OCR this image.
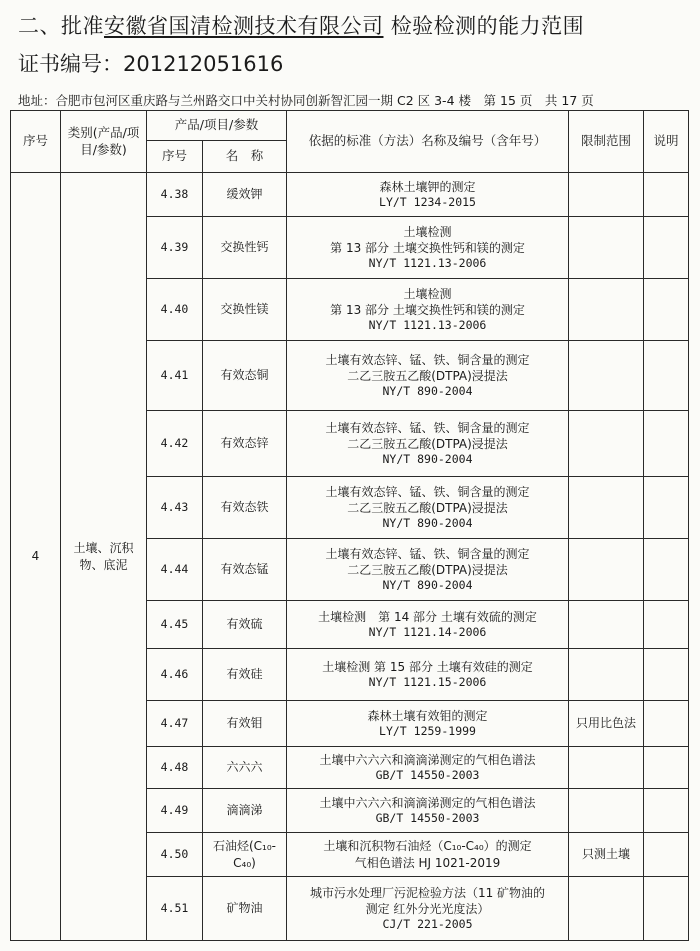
二、批准安徽省国清检测技术有限公司 检验检测的能力范围
证书编号：201212051616
地址：合肥市包河区重庆路与兰州路交口中关村协同创新智汇园一期 C2 区 3-4 楼　 第 15 页　 共 17 页
序号	类别(产品/项目/参数)	产品/项目/参数		依据的标准（方法）名称及编号（含年号）	限制范围	说明
		序号	名　称			
4	土壤、沉积物、底泥	4.38	缓效钾	森林土壤钾的测定
LY/T 1234-2015		

		4.39	交换性钙	土壤检测
第 13 部分 土壤交换性钙和镁的测定
NY/T 1121.13-2006		

		4.40	交换性镁	土壤检测
第 13 部分 土壤交换性钙和镁的测定
NY/T 1121.13-2006		

		4.41	有效态铜	土壤有效态锌、锰、铁、铜含量的测定
二乙三胺五乙酸(DTPA)浸提法
NY/T 890-2004		

		4.42	有效态锌	土壤有效态锌、锰、铁、铜含量的测定
二乙三胺五乙酸(DTPA)浸提法
NY/T 890-2004		

		4.43	有效态铁	土壤有效态锌、锰、铁、铜含量的测定
二乙三胺五乙酸(DTPA)浸提法
NY/T 890-2004		

		4.44	有效态锰	土壤有效态锌、锰、铁、铜含量的测定
二乙三胺五乙酸(DTPA)浸提法
NY/T 890-2004		

		4.45	有效硫	土壤检测　第 14 部分 土壤有效硫的测定
NY/T 1121.14-2006		

		4.46	有效硅	土壤检测 第 15 部分 土壤有效硅的测定
NY/T 1121.15-2006		

		4.47	有效钼	森林土壤有效钼的测定
LY/T 1259-1999	只用比色法	
		4.48	六六六	土壤中六六六和滴滴涕测定的气相色谱法
GB/T 14550-2003		

		4.49	滴滴涕	土壤中六六六和滴滴涕测定的气相色谱法
GB/T 14550-2003		

		4.50	石油烃(C₁₀-C₄₀)	土壤和沉积物石油烃（C₁₀-C₄₀）的测定
气相色谱法 HJ 1021-2019	只测土壤	
		4.51	矿物油	城市污水处理厂污泥检验方法（11 矿物油的
测定 红外分光光度法）
CJ/T 221-2005		
